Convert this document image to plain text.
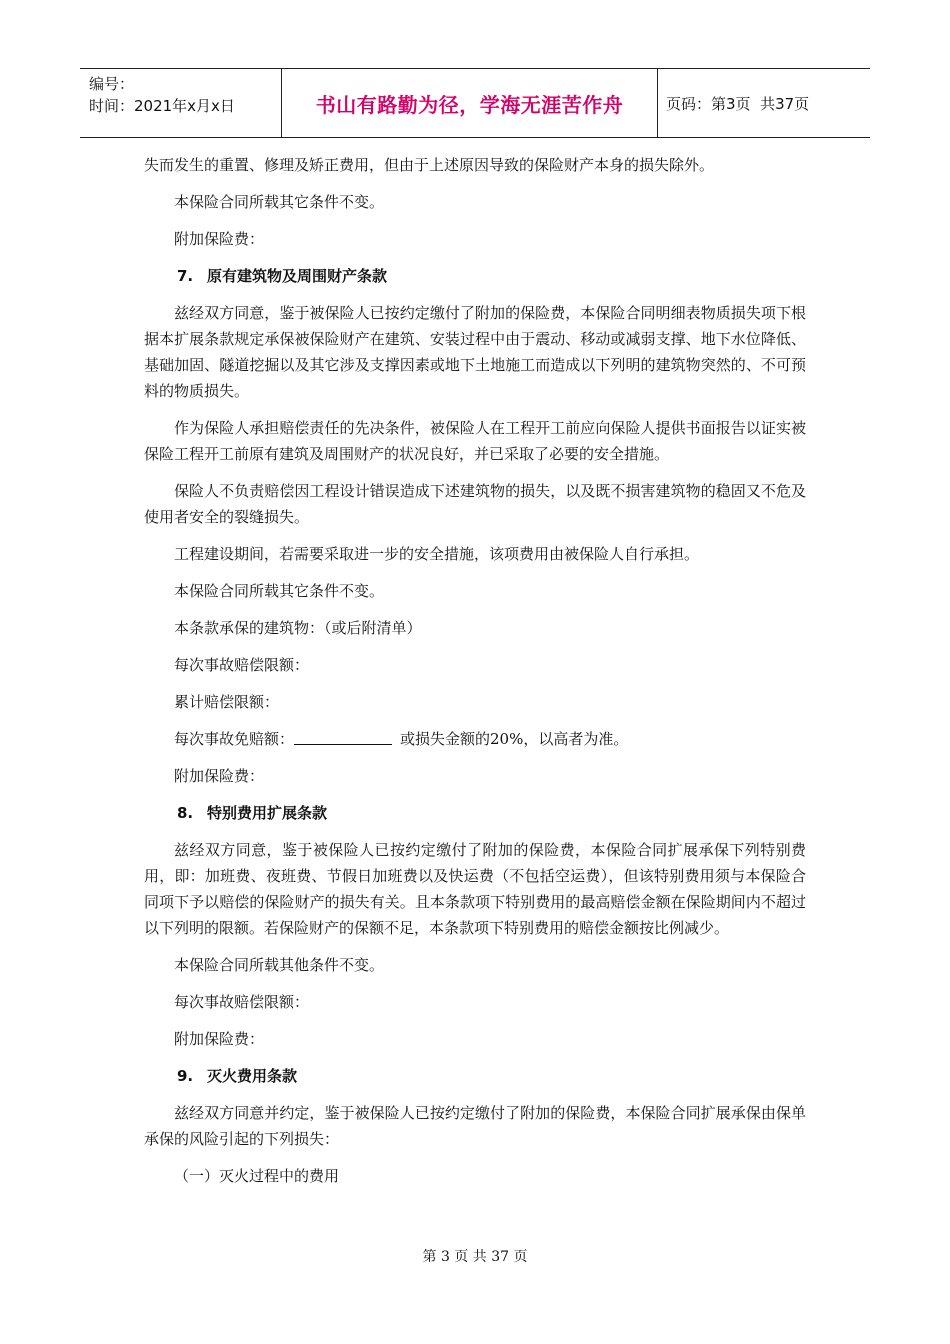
编号：
时间：2021年x月x日	书山有路勤为径，学海无涯苦作舟	页码：第3页  共37页

失而发生的重置、修理及矫正费用，但由于上述原因导致的保险财产本身的损失除外。

本保险合同所载其它条件不变。

附加保险费：

7. 原有建筑物及周围财产条款

兹经双方同意，鉴于被保险人已按约定缴付了附加的保险费，本保险合同明细表物质损失项下根据本扩展条款规定承保被保险财产在建筑、安装过程中由于震动、移动或减弱支撑、地下水位降低、基础加固、隧道挖掘以及其它涉及支撑因素或地下土地施工而造成以下列明的建筑物突然的、不可预料的物质损失。

作为保险人承担赔偿责任的先决条件，被保险人在工程开工前应向保险人提供书面报告以证实被保险工程开工前原有建筑及周围财产的状况良好，并已采取了必要的安全措施。

保险人不负责赔偿因工程设计错误造成下述建筑物的损失，以及既不损害建筑物的稳固又不危及使用者安全的裂缝损失。

工程建设期间，若需要采取进一步的安全措施，该项费用由被保险人自行承担。

本保险合同所载其它条件不变。

本条款承保的建筑物：（或后附清单）

每次事故赔偿限额：

累计赔偿限额：

每次事故免赔额：	或损失金额的20%，以高者为准。

附加保险费：

8. 特别费用扩展条款

兹经双方同意，鉴于被保险人已按约定缴付了附加的保险费，本保险合同扩展承保下列特别费用，即：加班费、夜班费、节假日加班费以及快运费（不包括空运费），但该特别费用须与本保险合同项下予以赔偿的保险财产的损失有关。且本条款项下特别费用的最高赔偿金额在保险期间内不超过以下列明的限额。若保险财产的保额不足，本条款项下特别费用的赔偿金额按比例减少。

本保险合同所载其他条件不变。

每次事故赔偿限额：

附加保险费：

9. 灭火费用条款

兹经双方同意并约定，鉴于被保险人已按约定缴付了附加的保险费，本保险合同扩展承保由保单承保的风险引起的下列损失：

（一）灭火过程中的费用

第 3 页 共 37 页
